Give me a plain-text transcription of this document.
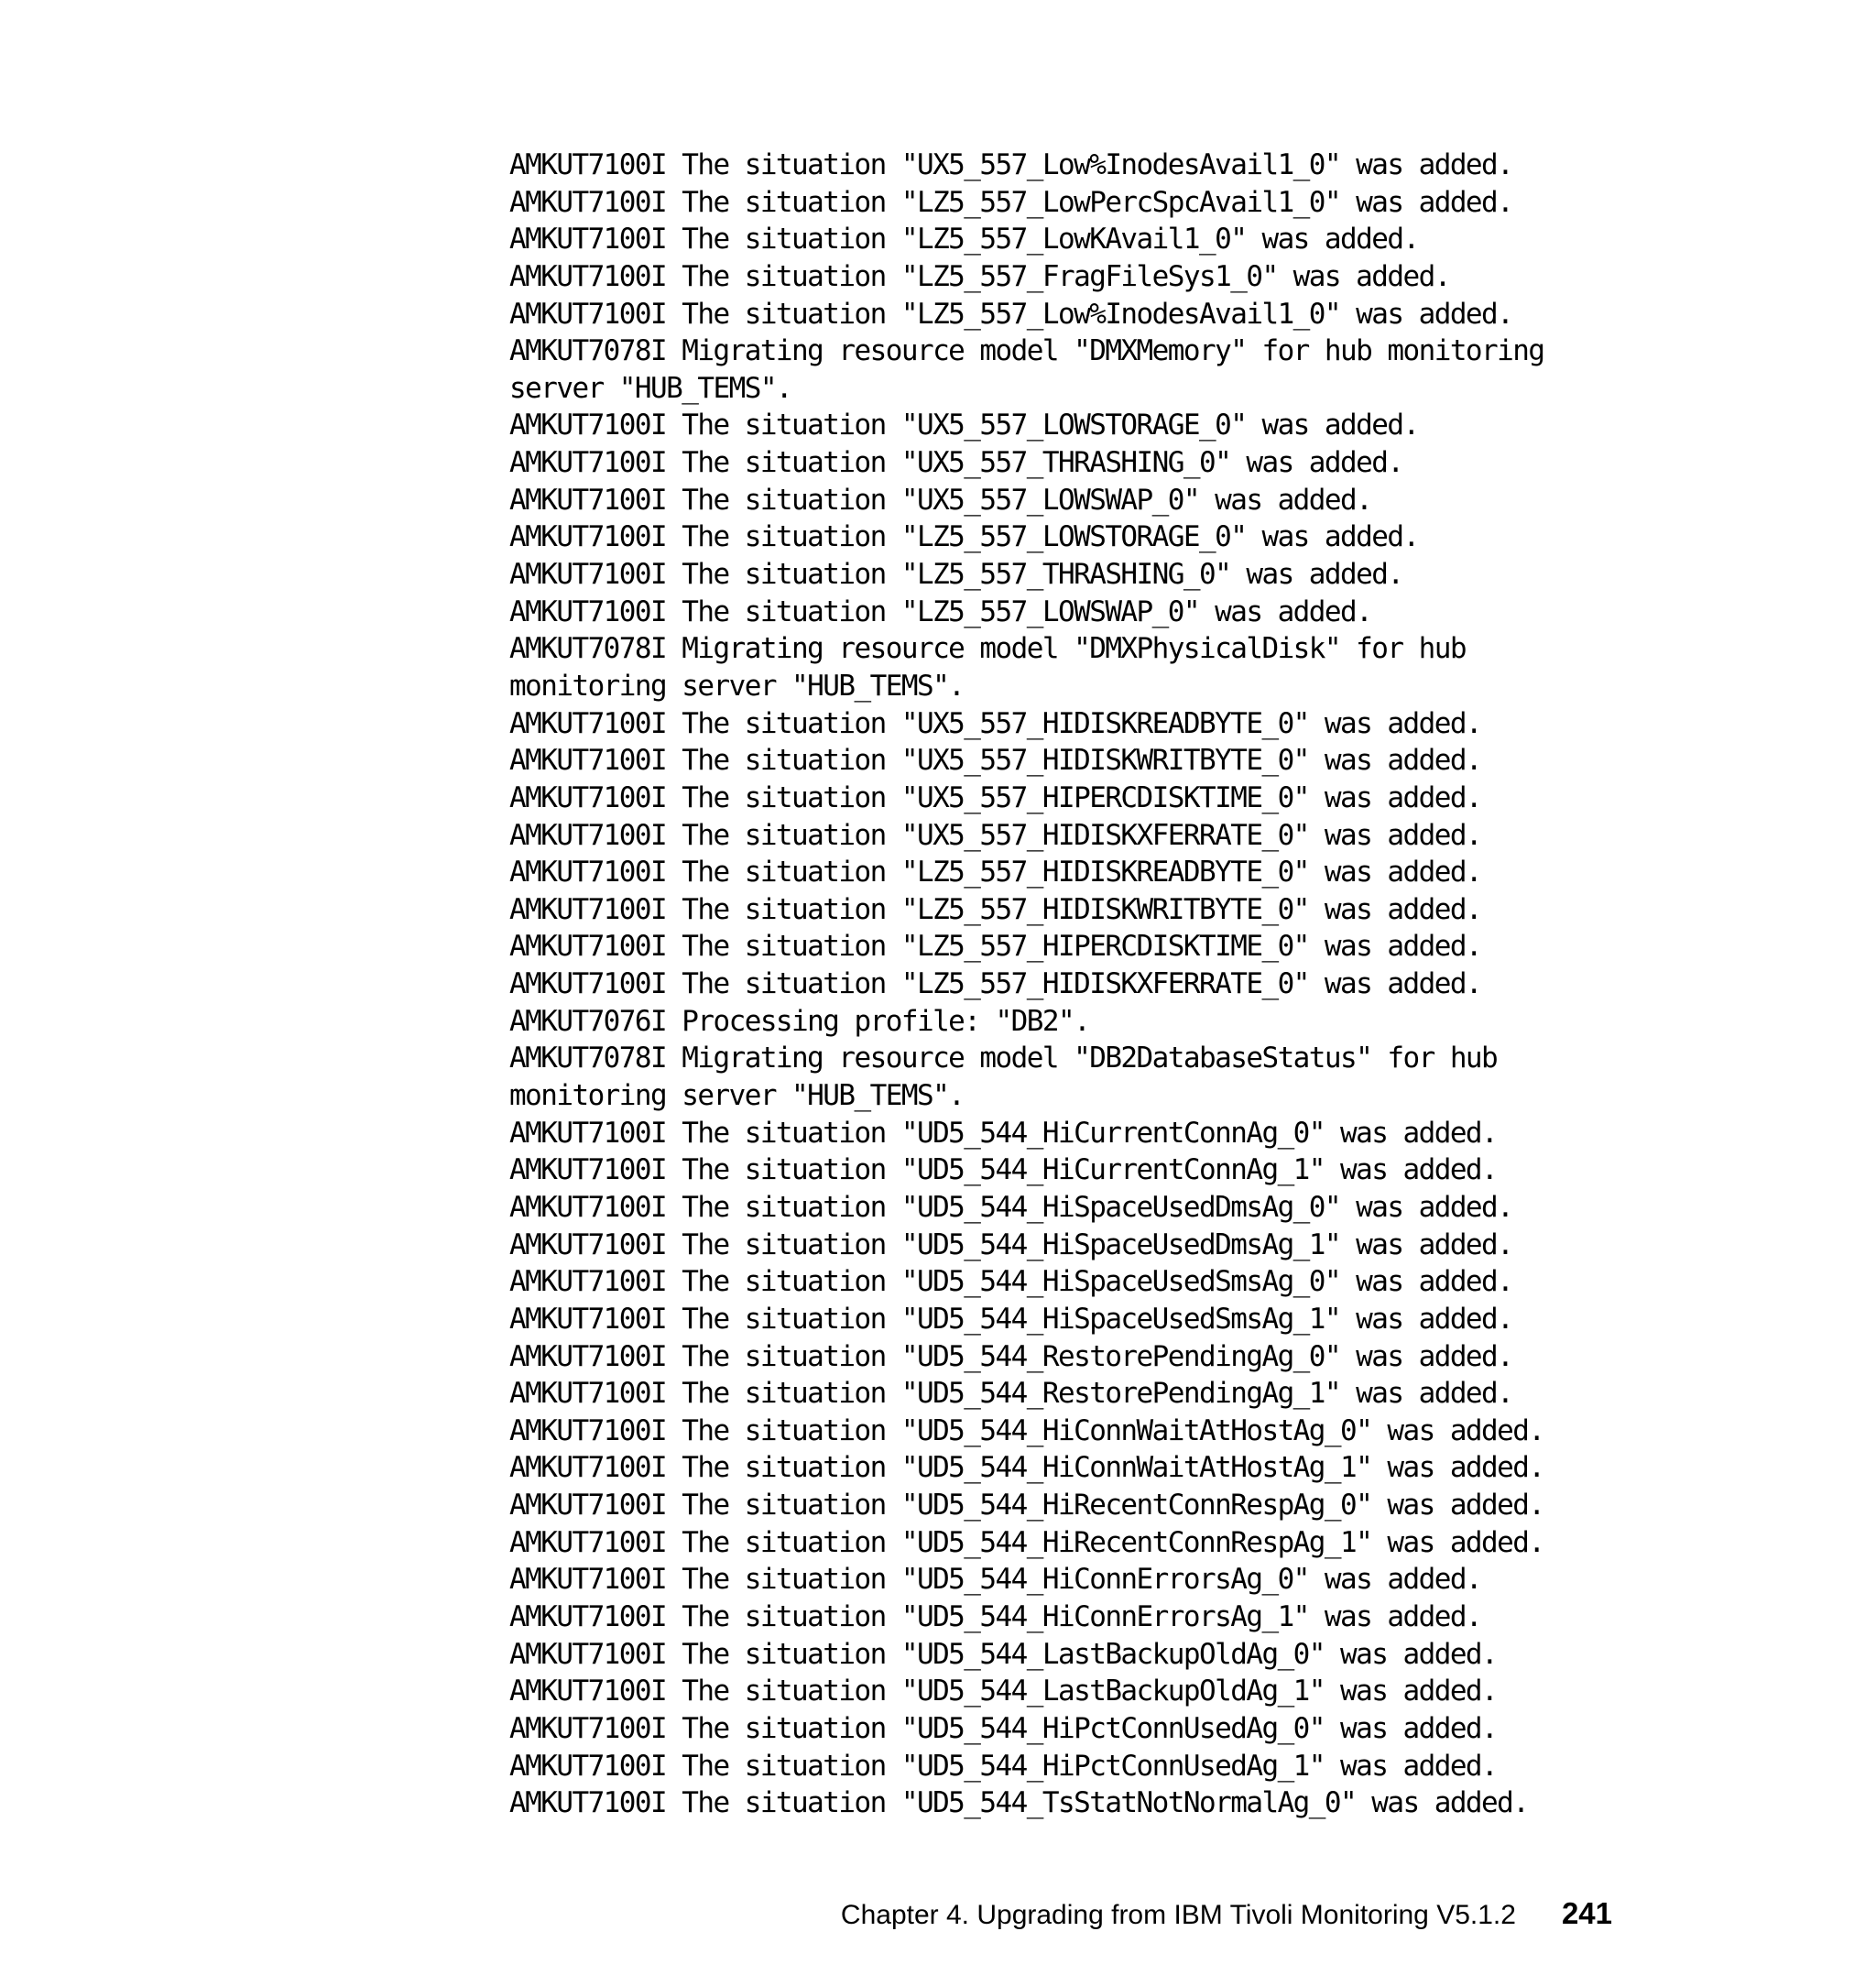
AMKUT7100I The situation "UX5_557_Low%InodesAvail1_0" was added.
AMKUT7100I The situation "LZ5_557_LowPercSpcAvail1_0" was added.
AMKUT7100I The situation "LZ5_557_LowKAvail1_0" was added.
AMKUT7100I The situation "LZ5_557_FragFileSys1_0" was added.
AMKUT7100I The situation "LZ5_557_Low%InodesAvail1_0" was added.
AMKUT7078I Migrating resource model "DMXMemory" for hub monitoring
server "HUB_TEMS".
AMKUT7100I The situation "UX5_557_LOWSTORAGE_0" was added.
AMKUT7100I The situation "UX5_557_THRASHING_0" was added.
AMKUT7100I The situation "UX5_557_LOWSWAP_0" was added.
AMKUT7100I The situation "LZ5_557_LOWSTORAGE_0" was added.
AMKUT7100I The situation "LZ5_557_THRASHING_0" was added.
AMKUT7100I The situation "LZ5_557_LOWSWAP_0" was added.
AMKUT7078I Migrating resource model "DMXPhysicalDisk" for hub
monitoring server "HUB_TEMS".
AMKUT7100I The situation "UX5_557_HIDISKREADBYTE_0" was added.
AMKUT7100I The situation "UX5_557_HIDISKWRITBYTE_0" was added.
AMKUT7100I The situation "UX5_557_HIPERCDISKTIME_0" was added.
AMKUT7100I The situation "UX5_557_HIDISKXFERRATE_0" was added.
AMKUT7100I The situation "LZ5_557_HIDISKREADBYTE_0" was added.
AMKUT7100I The situation "LZ5_557_HIDISKWRITBYTE_0" was added.
AMKUT7100I The situation "LZ5_557_HIPERCDISKTIME_0" was added.
AMKUT7100I The situation "LZ5_557_HIDISKXFERRATE_0" was added.
AMKUT7076I Processing profile: "DB2".
AMKUT7078I Migrating resource model "DB2DatabaseStatus" for hub
monitoring server "HUB_TEMS".
AMKUT7100I The situation "UD5_544_HiCurrentConnAg_0" was added.
AMKUT7100I The situation "UD5_544_HiCurrentConnAg_1" was added.
AMKUT7100I The situation "UD5_544_HiSpaceUsedDmsAg_0" was added.
AMKUT7100I The situation "UD5_544_HiSpaceUsedDmsAg_1" was added.
AMKUT7100I The situation "UD5_544_HiSpaceUsedSmsAg_0" was added.
AMKUT7100I The situation "UD5_544_HiSpaceUsedSmsAg_1" was added.
AMKUT7100I The situation "UD5_544_RestorePendingAg_0" was added.
AMKUT7100I The situation "UD5_544_RestorePendingAg_1" was added.
AMKUT7100I The situation "UD5_544_HiConnWaitAtHostAg_0" was added.
AMKUT7100I The situation "UD5_544_HiConnWaitAtHostAg_1" was added.
AMKUT7100I The situation "UD5_544_HiRecentConnRespAg_0" was added.
AMKUT7100I The situation "UD5_544_HiRecentConnRespAg_1" was added.
AMKUT7100I The situation "UD5_544_HiConnErrorsAg_0" was added.
AMKUT7100I The situation "UD5_544_HiConnErrorsAg_1" was added.
AMKUT7100I The situation "UD5_544_LastBackupOldAg_0" was added.
AMKUT7100I The situation "UD5_544_LastBackupOldAg_1" was added.
AMKUT7100I The situation "UD5_544_HiPctConnUsedAg_0" was added.
AMKUT7100I The situation "UD5_544_HiPctConnUsedAg_1" was added.
AMKUT7100I The situation "UD5_544_TsStatNotNormalAg_0" was added.
Chapter 4. Upgrading from IBM Tivoli Monitoring V5.1.2 241
